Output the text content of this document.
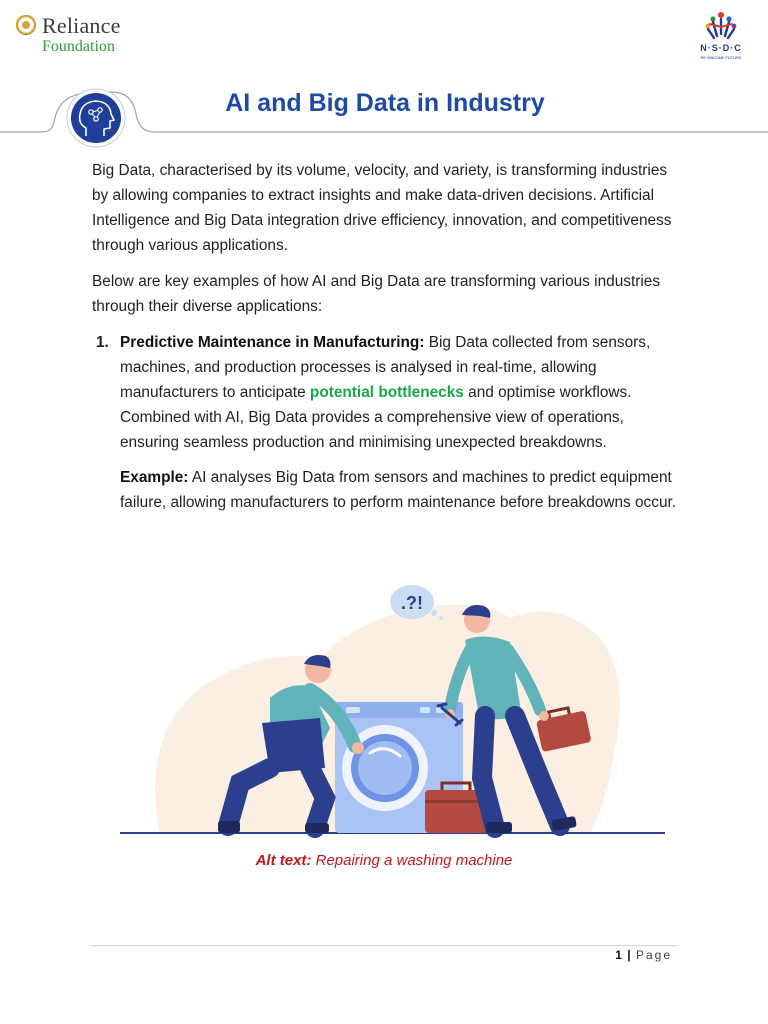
Reliance
Foundation	N·S·D·C
RE·IMAGINE FUTURE
AI and Big Data in Industry

Big Data, characterised by its volume, velocity, and variety, is transforming industries by allowing companies to extract insights and make data-driven decisions. Artificial Intelligence and Big Data integration drive efficiency, innovation, and competitiveness through various applications.

Below are key examples of how AI and Big Data are transforming various industries through their diverse applications:

1. Predictive Maintenance in Manufacturing: Big Data collected from sensors, machines, and production processes is analysed in real-time, allowing manufacturers to anticipate potential bottlenecks and optimise workflows. Combined with AI, Big Data provides a comprehensive view of operations, ensuring seamless production and minimising unexpected breakdowns.

Example: AI analyses Big Data from sensors and machines to predict equipment failure, allowing manufacturers to perform maintenance before breakdowns occur.

.?!
Alt text: Repairing a washing machine
1 | Page
